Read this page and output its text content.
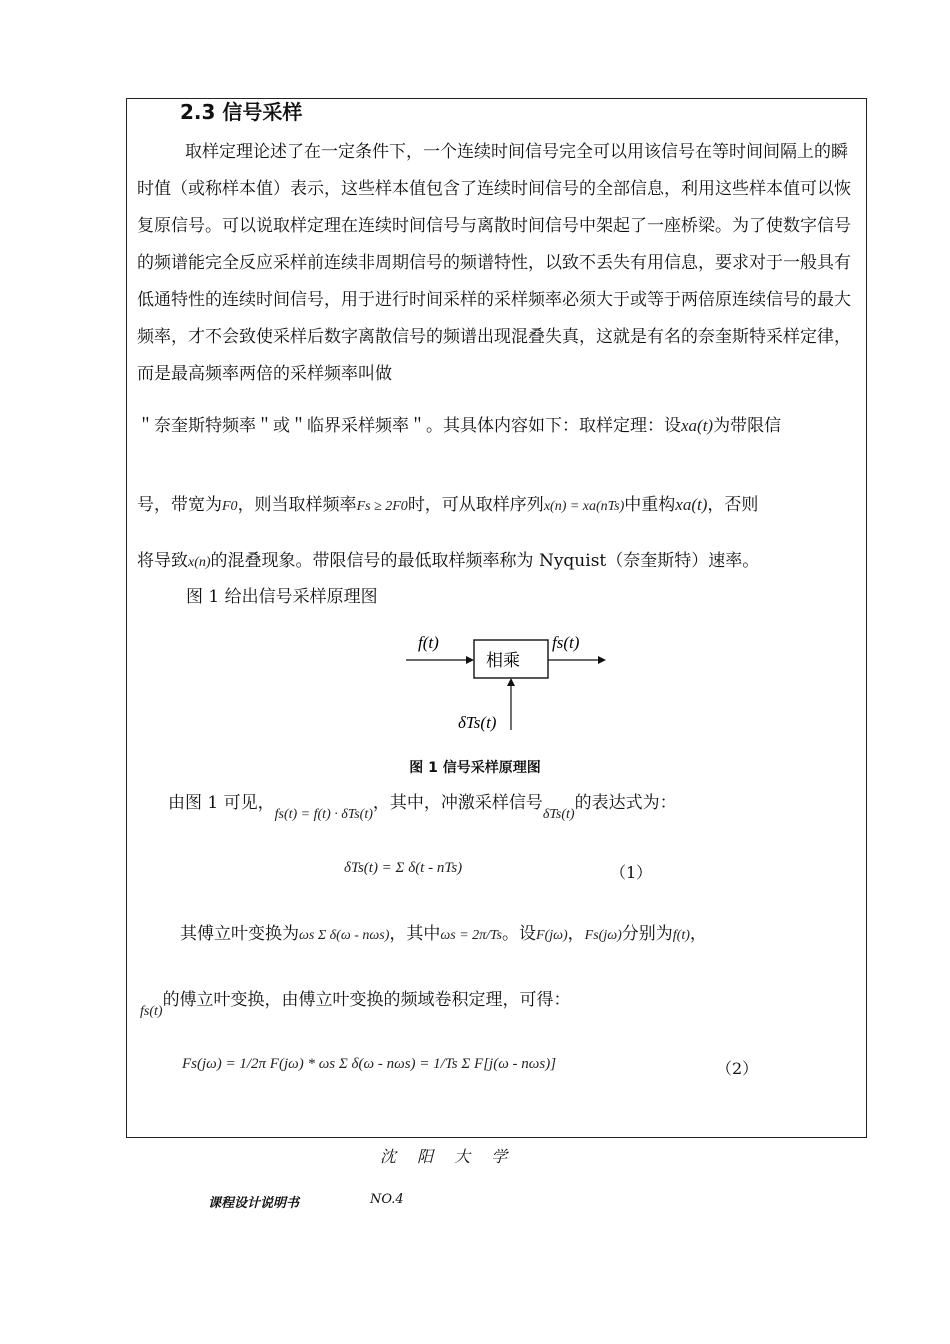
2.3 信号采样
取样定理论述了在一定条件下，一个连续时间信号完全可以用该信号在等时间间隔上的瞬时值（或称样本值）表示，这些样本值包含了连续时间信号的全部信息，利用这些样本值可以恢复原信号。可以说取样定理在连续时间信号与离散时间信号中架起了一座桥梁。为了使数字信号的频谱能完全反应采样前连续非周期信号的频谱特性，以致不丢失有用信息，要求对于一般具有低通特性的连续时间信号，用于进行时间采样的采样频率必须大于或等于两倍原连续信号的最大频率，才不会致使采样后数字离散信号的频谱出现混叠失真，这就是有名的奈奎斯特采样定律，而是最高频率两倍的采样频率叫做
＂奈奎斯特频率＂或＂临界采样频率＂。其具体内容如下：取样定理：设xa(t)为带限信
号，带宽为F0，则当取样频率Fs ≥ 2F0时，可从取样序列x(n) = xa(nTs)中重构xa(t)，否则
将导致x(n)的混叠现象。带限信号的最低取样频率称为 Nyquist（奈奎斯特）速率。
图 1 给出信号采样原理图
相乘
f(t)	fs(t)
δTs(t)
图 1 信号采样原理图
由图 1 可见，$_{fs(t) = f(t) \cdot \delta Ts(t)}$，其中，冲激采样信号$_{\delta Ts(t)}$的表达式为：
δTs(t) = Σ δ(t - nTs)	（1）
其傅立叶变换为ωs Σ δ(ω - nωs)，其中ωs = 2π/Ts。设F(jω)，Fs(jω)分别为f(t)，
$_{fs(t)}$的傅立叶变换，由傅立叶变换的频域卷积定理，可得：
Fs(jω) = 1/2π F(jω) * ωs Σ δ(ω - nωs) = 1/Ts Σ F[j(ω - nωs)]	（2）
沈 阳 大 学
课程设计说明书	NO.4
